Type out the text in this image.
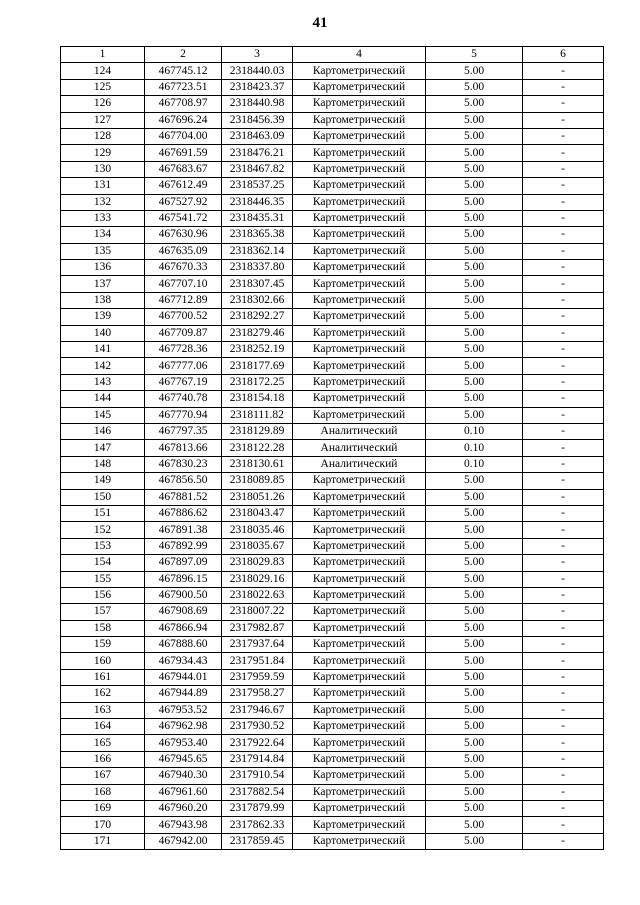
41
1	2	3	4	5	6
124	467745.12	2318440.03	Картометрический	5.00	-
125	467723.51	2318423.37	Картометрический	5.00	-
126	467708.97	2318440.98	Картометрический	5.00	-
127	467696.24	2318456.39	Картометрический	5.00	-
128	467704.00	2318463.09	Картометрический	5.00	-
129	467691.59	2318476.21	Картометрический	5.00	-
130	467683.67	2318467.82	Картометрический	5.00	-
131	467612.49	2318537.25	Картометрический	5.00	-
132	467527.92	2318446.35	Картометрический	5.00	-
133	467541.72	2318435.31	Картометрический	5.00	-
134	467630.96	2318365.38	Картометрический	5.00	-
135	467635.09	2318362.14	Картометрический	5.00	-
136	467670.33	2318337.80	Картометрический	5.00	-
137	467707.10	2318307.45	Картометрический	5.00	-
138	467712.89	2318302.66	Картометрический	5.00	-
139	467700.52	2318292.27	Картометрический	5.00	-
140	467709.87	2318279.46	Картометрический	5.00	-
141	467728.36	2318252.19	Картометрический	5.00	-
142	467777.06	2318177.69	Картометрический	5.00	-
143	467767.19	2318172.25	Картометрический	5.00	-
144	467740.78	2318154.18	Картометрический	5.00	-
145	467770.94	2318111.82	Картометрический	5.00	-
146	467797.35	2318129.89	Аналитический	0.10	-
147	467813.66	2318122.28	Аналитический	0.10	-
148	467830.23	2318130.61	Аналитический	0.10	-
149	467856.50	2318089.85	Картометрический	5.00	-
150	467881.52	2318051.26	Картометрический	5.00	-
151	467886.62	2318043.47	Картометрический	5.00	-
152	467891.38	2318035.46	Картометрический	5.00	-
153	467892.99	2318035.67	Картометрический	5.00	-
154	467897.09	2318029.83	Картометрический	5.00	-
155	467896.15	2318029.16	Картометрический	5.00	-
156	467900.50	2318022.63	Картометрический	5.00	-
157	467908.69	2318007.22	Картометрический	5.00	-
158	467866.94	2317982.87	Картометрический	5.00	-
159	467888.60	2317937.64	Картометрический	5.00	-
160	467934.43	2317951.84	Картометрический	5.00	-
161	467944.01	2317959.59	Картометрический	5.00	-
162	467944.89	2317958.27	Картометрический	5.00	-
163	467953.52	2317946.67	Картометрический	5.00	-
164	467962.98	2317930.52	Картометрический	5.00	-
165	467953.40	2317922.64	Картометрический	5.00	-
166	467945.65	2317914.84	Картометрический	5.00	-
167	467940.30	2317910.54	Картометрический	5.00	-
168	467961.60	2317882.54	Картометрический	5.00	-
169	467960.20	2317879.99	Картометрический	5.00	-
170	467943.98	2317862.33	Картометрический	5.00	-
171	467942.00	2317859.45	Картометрический	5.00	-
